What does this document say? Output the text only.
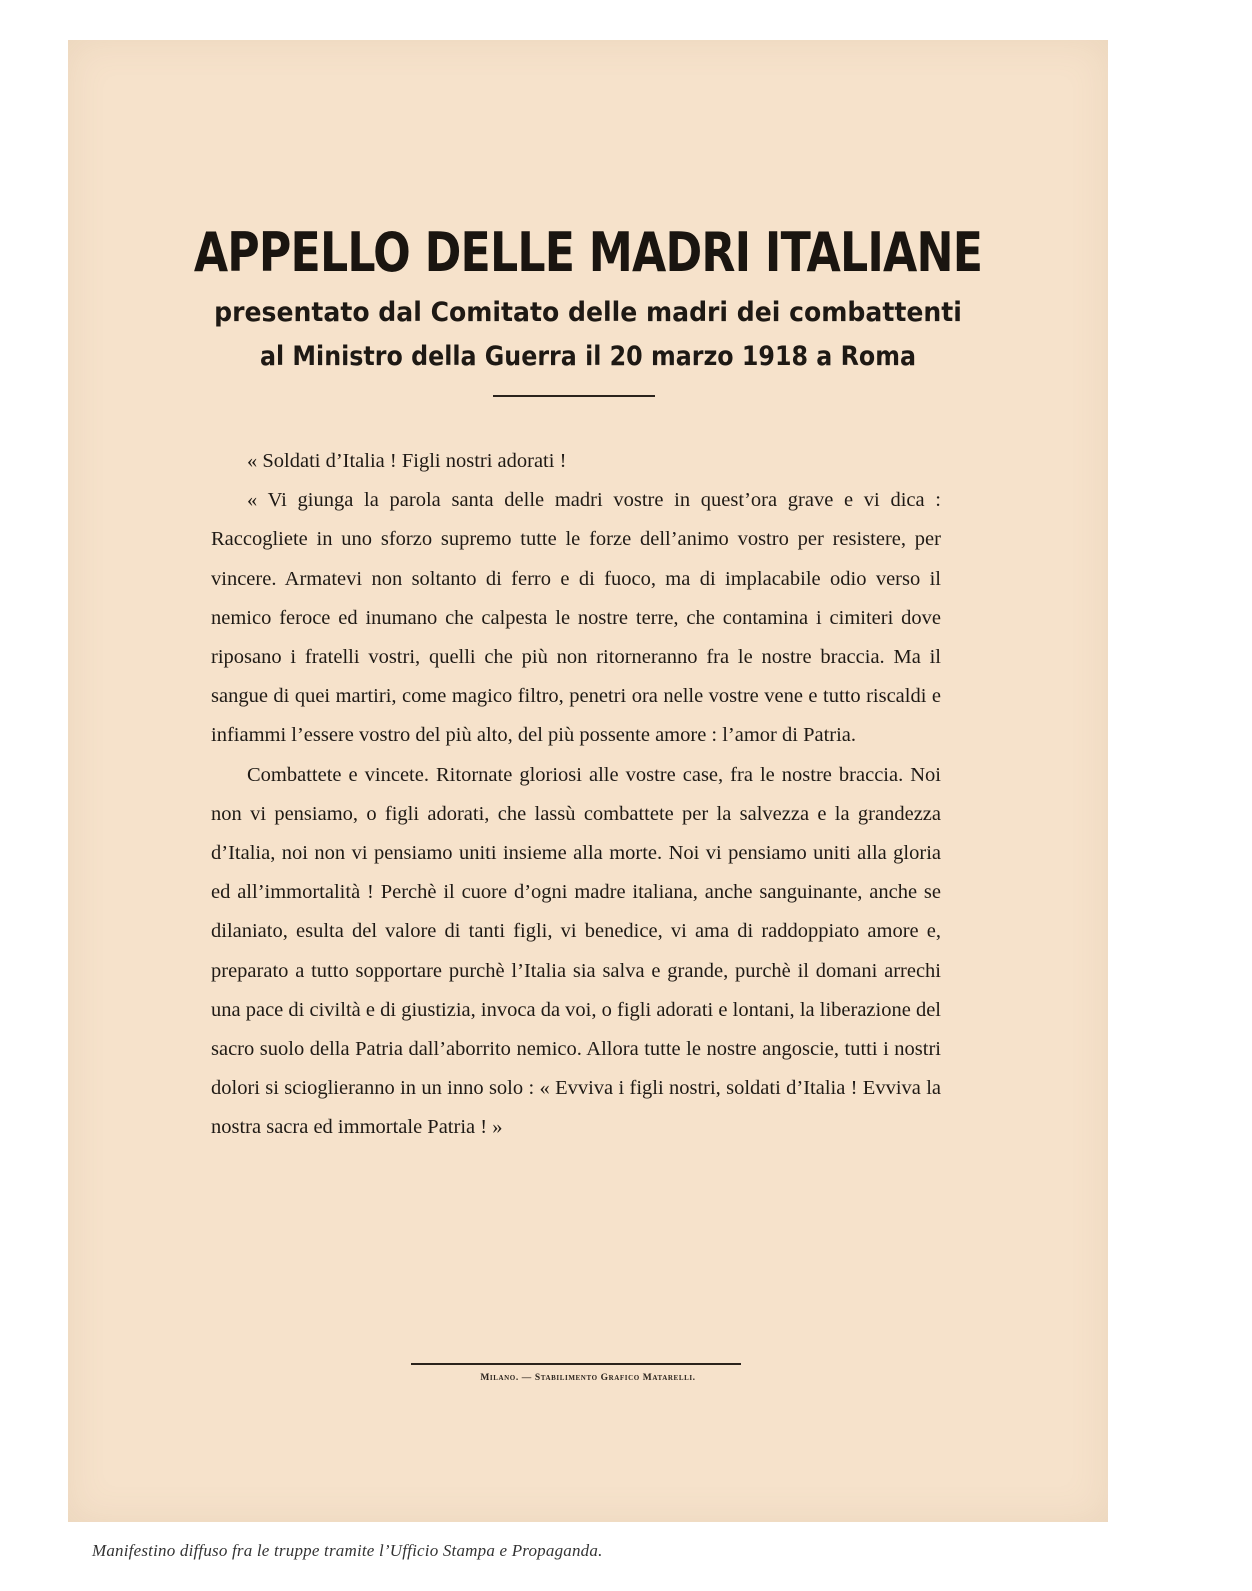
APPELLO DELLE MADRI ITALIANE
presentato dal Comitato delle madri dei combattenti
al Ministro della Guerra il 20 marzo 1918 a Roma

« Soldati d’Italia ! Figli nostri adorati !

« Vi giunga la parola santa delle madri vostre in quest’ora grave e vi dica : Raccogliete in uno sforzo supremo tutte le forze dell’animo vostro per resistere, per vincere. Armatevi non soltanto di ferro e di fuoco, ma di implacabile odio verso il nemico feroce ed inumano che calpesta le nostre terre, che contamina i cimiteri dove riposano i fratelli vostri, quelli che più non ritorneranno fra le nostre braccia. Ma il sangue di quei martiri, come magico filtro, penetri ora nelle vostre vene e tutto riscaldi e infiammi l’essere vostro del più alto, del più possente amore : l’amor di Patria.

Combattete e vincete. Ritornate gloriosi alle vostre case, fra le nostre braccia. Noi non vi pensiamo, o figli adorati, che lassù combattete per la salvezza e la grandezza d’Italia, noi non vi pensiamo uniti insieme alla morte. Noi vi pensiamo uniti alla gloria ed all’immortalità ! Perchè il cuore d’ogni madre italiana, anche sanguinante, anche se dilaniato, esulta del valore di tanti figli, vi benedice, vi ama di raddoppiato amore e, preparato a tutto sopportare purchè l’Italia sia salva e grande, purchè il domani arrechi una pace di civiltà e di giustizia, invoca da voi, o figli adorati e lontani, la liberazione del sacro suolo della Patria dall’aborrito nemico. Allora tutte le nostre angoscie, tutti i nostri dolori si scioglieranno in un inno solo : « Evviva i figli nostri, soldati d’Italia ! Evviva la nostra sacra ed immortale Patria ! »

Milano. — Stabilimento Grafico Matarelli.
Manifestino diffuso fra le truppe tramite l’Ufficio Stampa e Propaganda.
